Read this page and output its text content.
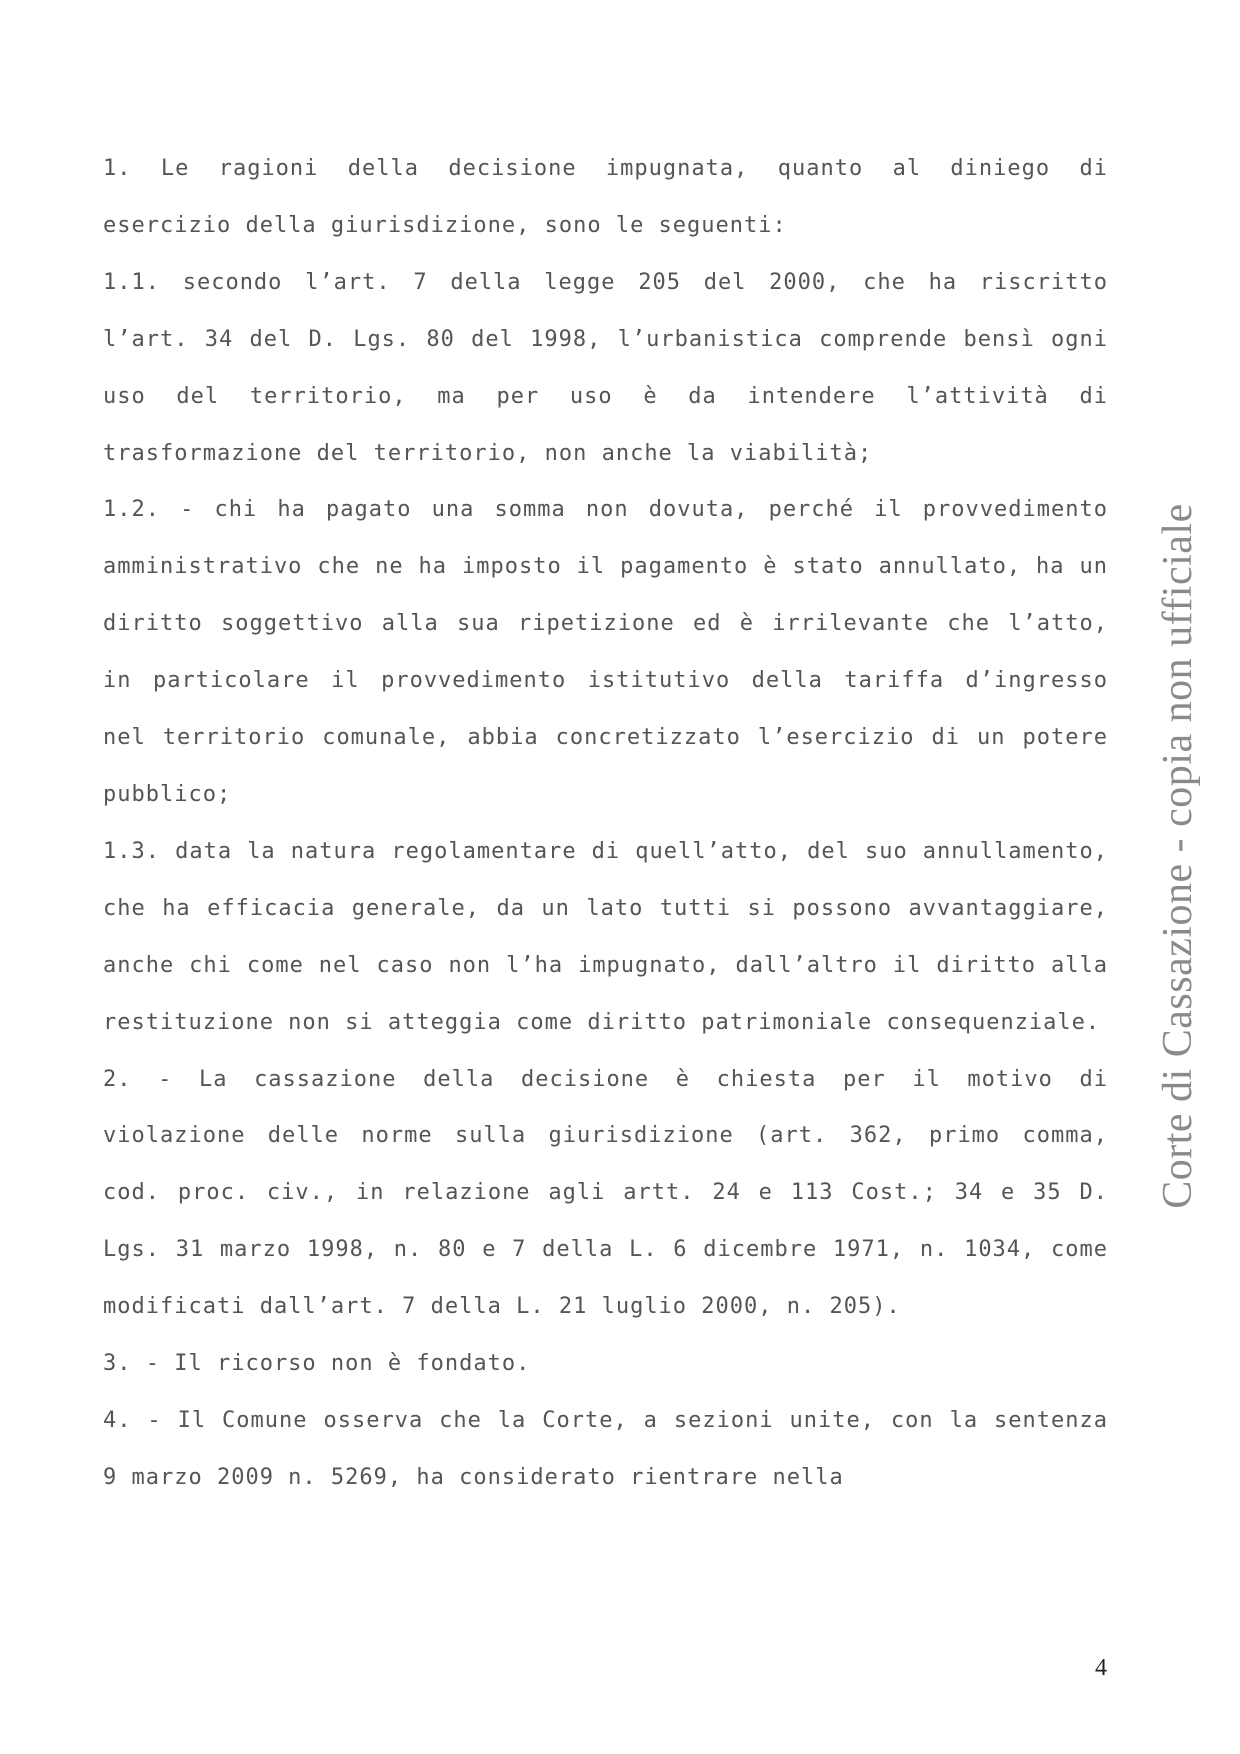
1. Le ragioni della decisione impugnata, quanto al diniego di esercizio della giurisdizione, sono le seguenti:

1.1. secondo l’art. 7 della legge 205 del 2000, che ha riscritto l’art. 34 del D. Lgs. 80 del 1998, l’urbanistica comprende bensì ogni uso del territorio, ma per uso è da intendere l’attività di trasformazione del territorio, non anche la viabilità;

1.2. - chi ha pagato una somma non dovuta, perché il provvedimento amministrativo che ne ha imposto il pagamento è stato annullato, ha un diritto soggettivo alla sua ripetizione ed è irrilevante che l’atto, in particolare il provvedimento istitutivo della tariffa d’ingresso nel territorio comunale, abbia concretizzato l’esercizio di un potere pubblico;

1.3. data la natura regolamentare di quell’atto, del suo annullamento, che ha efficacia generale, da un lato tutti si possono avvantaggiare, anche chi come nel caso non l’ha impugnato, dall’altro il diritto alla restituzione non si atteggia come diritto patrimoniale consequenziale.

2. - La cassazione della decisione è chiesta per il motivo di violazione delle norme sulla giurisdizione (art. 362, primo comma, cod. proc. civ., in relazione agli artt. 24 e 113 Cost.; 34 e 35 D. Lgs. 31 marzo 1998, n. 80 e 7 della L. 6 dicembre 1971, n. 1034, come modificati dall’art. 7 della L. 21 luglio 2000, n. 205).

3. - Il ricorso non è fondato.

4. - Il Comune osserva che la Corte, a sezioni unite, con la sentenza 9 marzo 2009 n. 5269, ha considerato rientrare nella

Corte di Cassazione - copia non ufficiale
4
